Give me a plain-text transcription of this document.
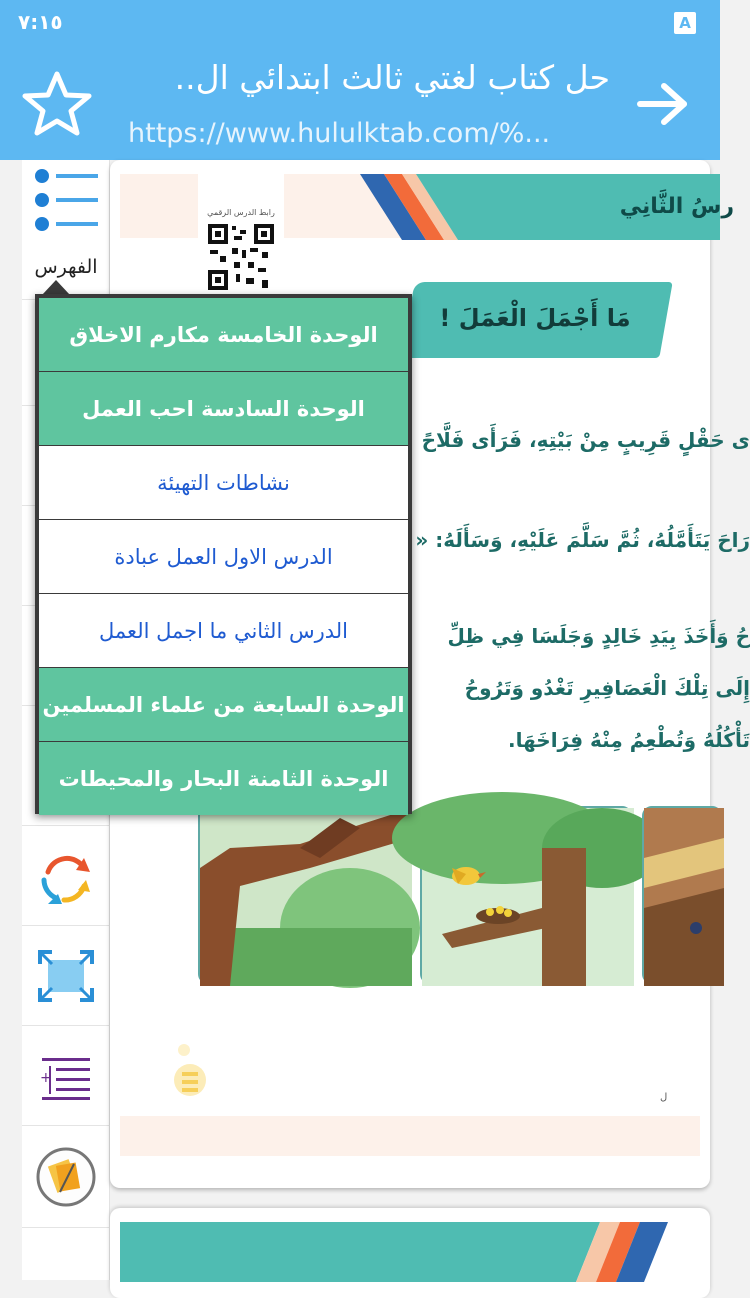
٧:١٥	A
حل كتاب لغتي ثالث ابتدائي ال..
https://www.hululktab.com/%...
الفهرس
+
رابط الدرس الرقمي	رسُ الثَّانِي
مَا أَجْمَلَ الْعَمَلَ !
ى حَقْلٍ قَرِيبٍ مِنْ بَيْتِهِ، فَرَأَى فَلَّاحً
رَاحَ يَتَأَمَّلُهُ، ثُمَّ سَلَّمَ عَلَيْهِ، وَسَأَلَهُ: «
حُ وَأَخَذَ بِيَدِ خَالِدٍ وَجَلَسَا فِي ظِلِّ
إِلَى تِلْكَ الْعَصَافِيرِ تَغْدُو وَتَرُوحُ
تَأْكُلُهُ وَتُطْعِمُ مِنْهُ فِرَاخَهَا.
ل
الوحدة الخامسة مكارم الاخلاق
الوحدة السادسة احب العمل
نشاطات التهيئة
الدرس الاول العمل عبادة
الدرس الثاني ما اجمل العمل
الوحدة السابعة من علماء المسلمين
الوحدة الثامنة البحار والمحيطات
